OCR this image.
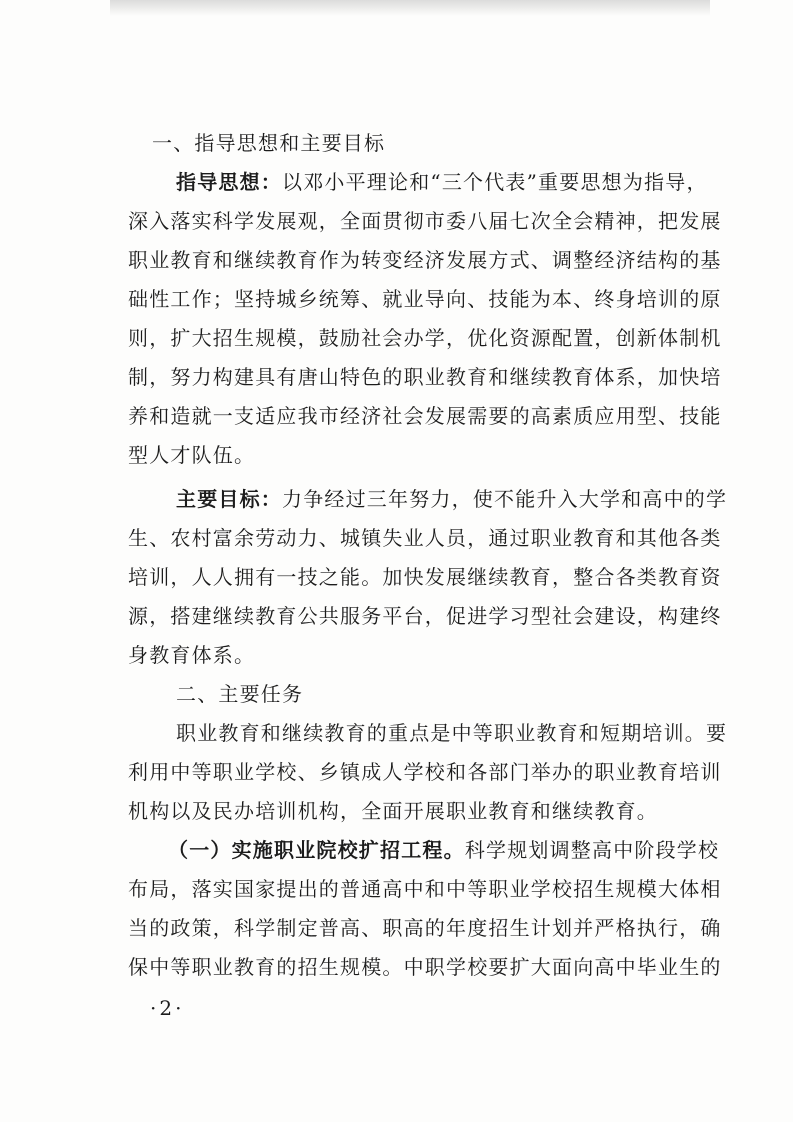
一、指导思想和主要目标
指导思想：以邓小平理论和“三个代表”重要思想为指导，
深入落实科学发展观，全面贯彻市委八届七次全会精神，把发展
职业教育和继续教育作为转变经济发展方式、调整经济结构的基
础性工作；坚持城乡统筹、就业导向、技能为本、终身培训的原
则，扩大招生规模，鼓励社会办学，优化资源配置，创新体制机
制，努力构建具有唐山特色的职业教育和继续教育体系，加快培
养和造就一支适应我市经济社会发展需要的高素质应用型、技能
型人才队伍。
主要目标：力争经过三年努力，使不能升入大学和高中的学
生、农村富余劳动力、城镇失业人员，通过职业教育和其他各类
培训，人人拥有一技之能。加快发展继续教育，整合各类教育资
源，搭建继续教育公共服务平台，促进学习型社会建设，构建终
身教育体系。
二、主要任务
职业教育和继续教育的重点是中等职业教育和短期培训。要
利用中等职业学校、乡镇成人学校和各部门举办的职业教育培训
机构以及民办培训机构，全面开展职业教育和继续教育。
（一）实施职业院校扩招工程。科学规划调整高中阶段学校
布局，落实国家提出的普通高中和中等职业学校招生规模大体相
当的政策，科学制定普高、职高的年度招生计划并严格执行，确
保中等职业教育的招生规模。中职学校要扩大面向高中毕业生的
·2·
